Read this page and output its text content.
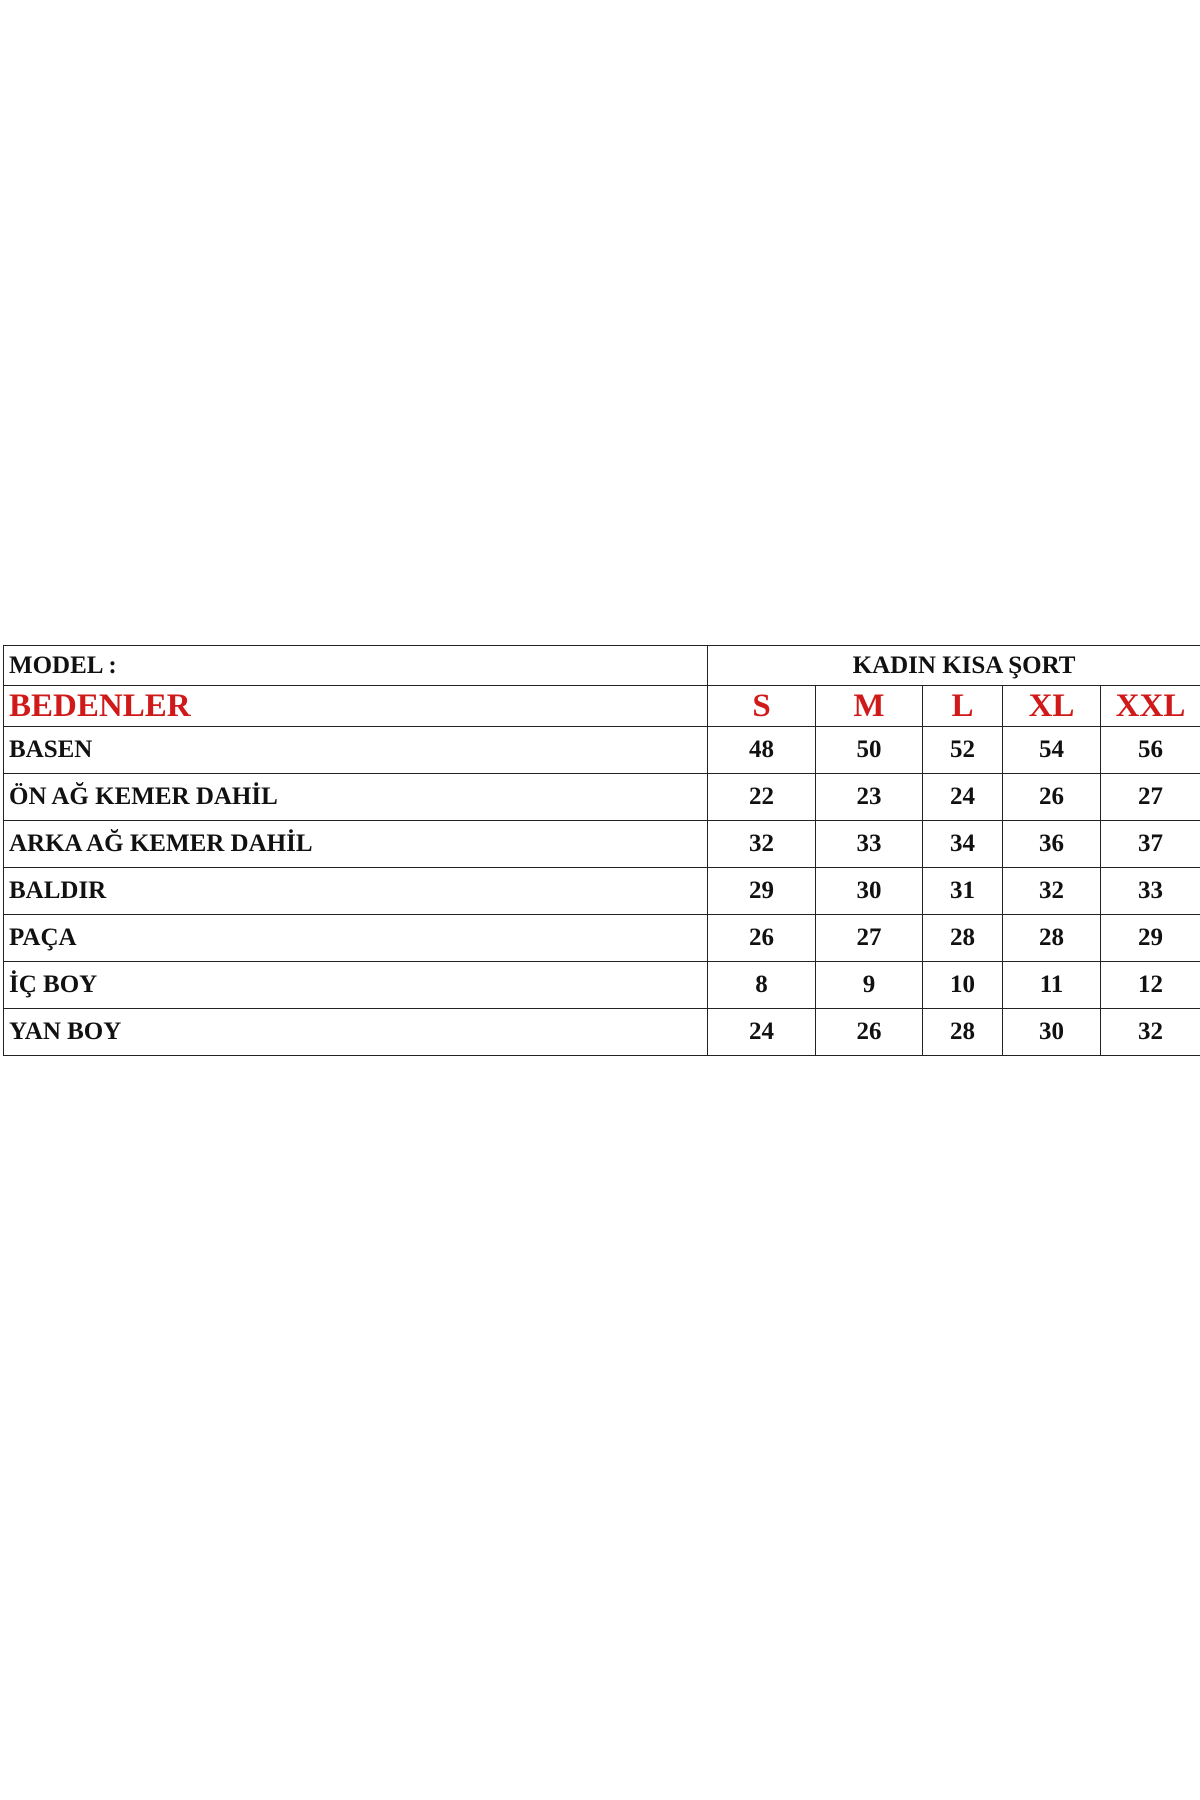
MODEL :	KADIN KISA ŞORT				
BEDENLER	S	M	L	XL	XXL
BASEN	48	50	52	54	56
ÖN AĞ KEMER DAHİL	22	23	24	26	27
ARKA AĞ KEMER DAHİL	32	33	34	36	37
BALDIR	29	30	31	32	33
PAÇA	26	27	28	28	29
İÇ BOY	8	9	10	11	12
YAN BOY	24	26	28	30	32
